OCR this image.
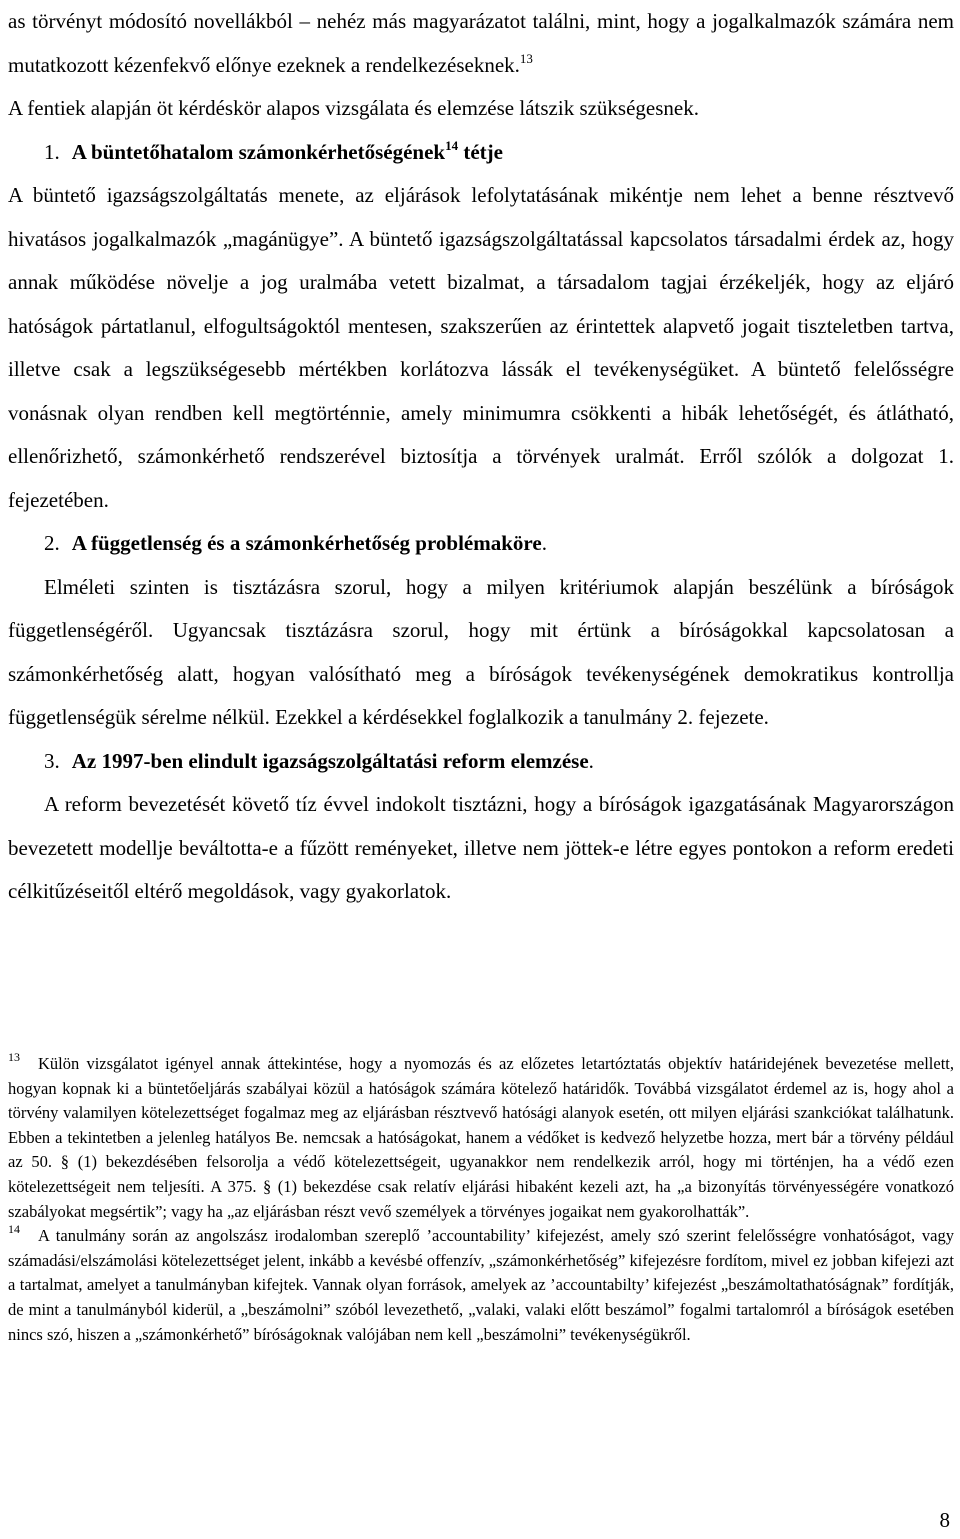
as törvényt módosító novellákból – nehéz más magyarázatot találni, mint, hogy a jogalkalmazók számára nem mutatkozott kézenfekvő előnye ezeknek a rendelkezéseknek.$^{13}$

A fentiek alapján öt kérdéskör alapos vizsgálata és elemzése látszik szükségesnek.

1. A büntetőhatalom számonkérhetőségének$^{14}$ tétje

A büntető igazságszolgáltatás menete, az eljárások lefolytatásának mikéntje nem lehet a benne résztvevő hivatásos jogalkalmazók „magánügye”. A büntető igazságszolgáltatással kapcsolatos társadalmi érdek az, hogy annak működése növelje a jog uralmába vetett bizalmat, a társadalom tagjai érzékeljék, hogy az eljáró hatóságok pártatlanul, elfogultságoktól mentesen, szakszerűen az érintettek alapvető jogait tiszteletben tartva, illetve csak a legszükségesebb mértékben korlátozva lássák el tevékenységüket. A büntető felelősségre vonásnak olyan rendben kell megtörténnie, amely minimumra csökkenti a hibák lehetőségét, és átlátható, ellenőrizhető, számonkérhető rendszerével biztosítja a törvények uralmát. Erről szólók a dolgozat 1. fejezetében.

2. A függetlenség és a számonkérhetőség problémaköre.

Elméleti szinten is tisztázásra szorul, hogy a milyen kritériumok alapján beszélünk a bíróságok függetlenségéről. Ugyancsak tisztázásra szorul, hogy mit értünk a bíróságokkal kapcsolatosan a számonkérhetőség alatt, hogyan valósítható meg a bíróságok tevékenységének demokratikus kontrollja függetlenségük sérelme nélkül. Ezekkel a kérdésekkel foglalkozik a tanulmány 2. fejezete.

3. Az 1997-ben elindult igazságszolgáltatási reform elemzése.

A reform bevezetését követő tíz évvel indokolt tisztázni, hogy a bíróságok igazgatásának Magyarországon bevezetett modellje beváltotta-e a fűzött reményeket, illetve nem jöttek-e létre egyes pontokon a reform eredeti célkitűzéseitől eltérő megoldások, vagy gyakorlatok.

$^{13}$ Külön vizsgálatot igényel annak áttekintése, hogy a nyomozás és az előzetes letartóztatás objektív határidejének bevezetése mellett, hogyan kopnak ki a büntetőeljárás szabályai közül a hatóságok számára kötelező határidők. Továbbá vizsgálatot érdemel az is, hogy ahol a törvény valamilyen kötelezettséget fogalmaz meg az eljárásban résztvevő hatósági alanyok esetén, ott milyen eljárási szankciókat találhatunk. Ebben a tekintetben a jelenleg hatályos Be. nemcsak a hatóságokat, hanem a védőket is kedvező helyzetbe hozza, mert bár a törvény például az 50. § (1) bekezdésében felsorolja a védő kötelezettségeit, ugyanakkor nem rendelkezik arról, hogy mi történjen, ha a védő ezen kötelezettségeit nem teljesíti. A 375. § (1) bekezdése csak relatív eljárási hibaként kezeli azt, ha „a bizonyítás törvényességére vonatkozó szabályokat megsértik”; vagy ha „az eljárásban részt vevő személyek a törvényes jogaikat nem gyakorolhatták”.

$^{14}$ A tanulmány során az angolszász irodalomban szereplő ’accountability’ kifejezést, amely szó szerint felelősségre vonhatóságot, vagy számadási/elszámolási kötelezettséget jelent, inkább a kevésbé offenzív, „számonkérhetőség” kifejezésre fordítom, mivel ez jobban kifejezi azt a tartalmat, amelyet a tanulmányban kifejtek. Vannak olyan források, amelyek az ’accountabilty’ kifejezést „beszámoltathatóságnak” fordítják, de mint a tanulmányból kiderül, a „beszámolni” szóból levezethető, „valaki, valaki előtt beszámol” fogalmi tartalomról a bíróságok esetében nincs szó, hiszen a „számonkérhető” bíróságoknak valójában nem kell „beszámolni” tevékenységükről.

8
